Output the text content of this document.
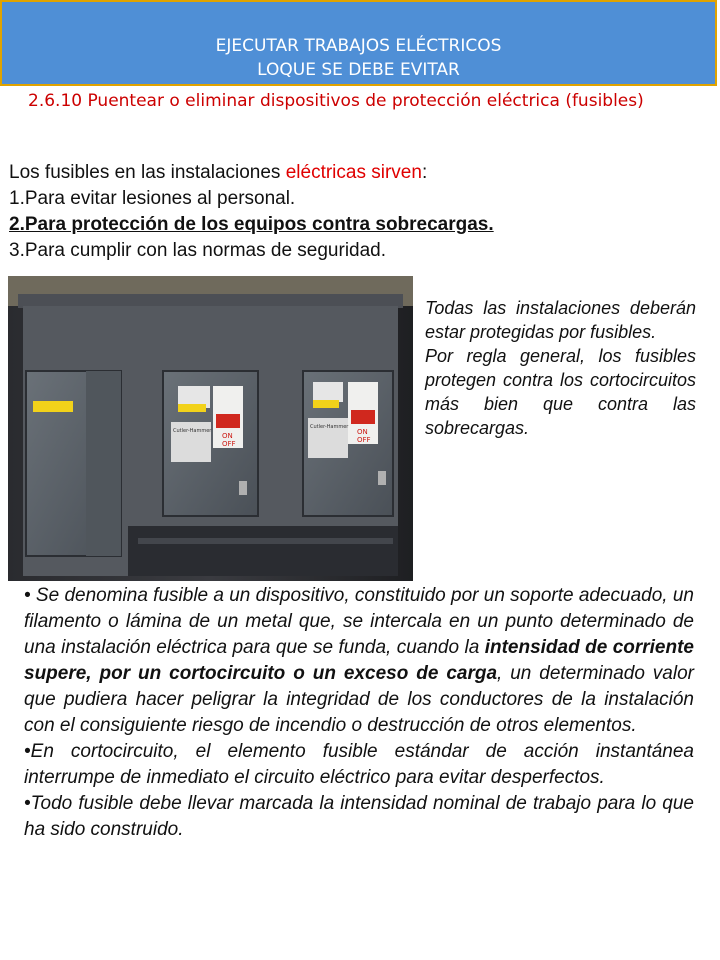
EJECUTAR TRABAJOS ELÉCTRICOS
LOQUE SE DEBE EVITAR
2.6.10 Puentear o eliminar dispositivos de protección eléctrica (fusibles)

Los fusibles en las instalaciones eléctricas sirven:

1.Para evitar lesiones al personal.

2.Para protección de los equipos contra sobrecargas.

3.Para cumplir con las normas de seguridad.

ON
OFF
Cutler-Hammer	ON
OFF
Cutler-Hammer

Todas las instalaciones deberán estar protegidas por fusibles.

Por regla general, los fusibles protegen contra los cortocircuitos más bien que contra las sobrecargas.

• Se denomina fusible a un dispositivo, constituido por un soporte adecuado, un filamento o lámina de un metal que, se intercala en un punto determinado de una instalación eléctrica para que se funda, cuando la intensidad de corriente supere, por un cortocircuito o un exceso de carga, un determinado valor que pudiera hacer peligrar la integridad de los conductores de la instalación con el consiguiente riesgo de incendio o destrucción de otros elementos.

•En cortocircuito, el elemento fusible estándar de acción instantánea interrumpe de inmediato el circuito eléctrico para evitar desperfectos.

•Todo fusible debe llevar marcada la intensidad nominal de trabajo para lo que ha sido construido.
